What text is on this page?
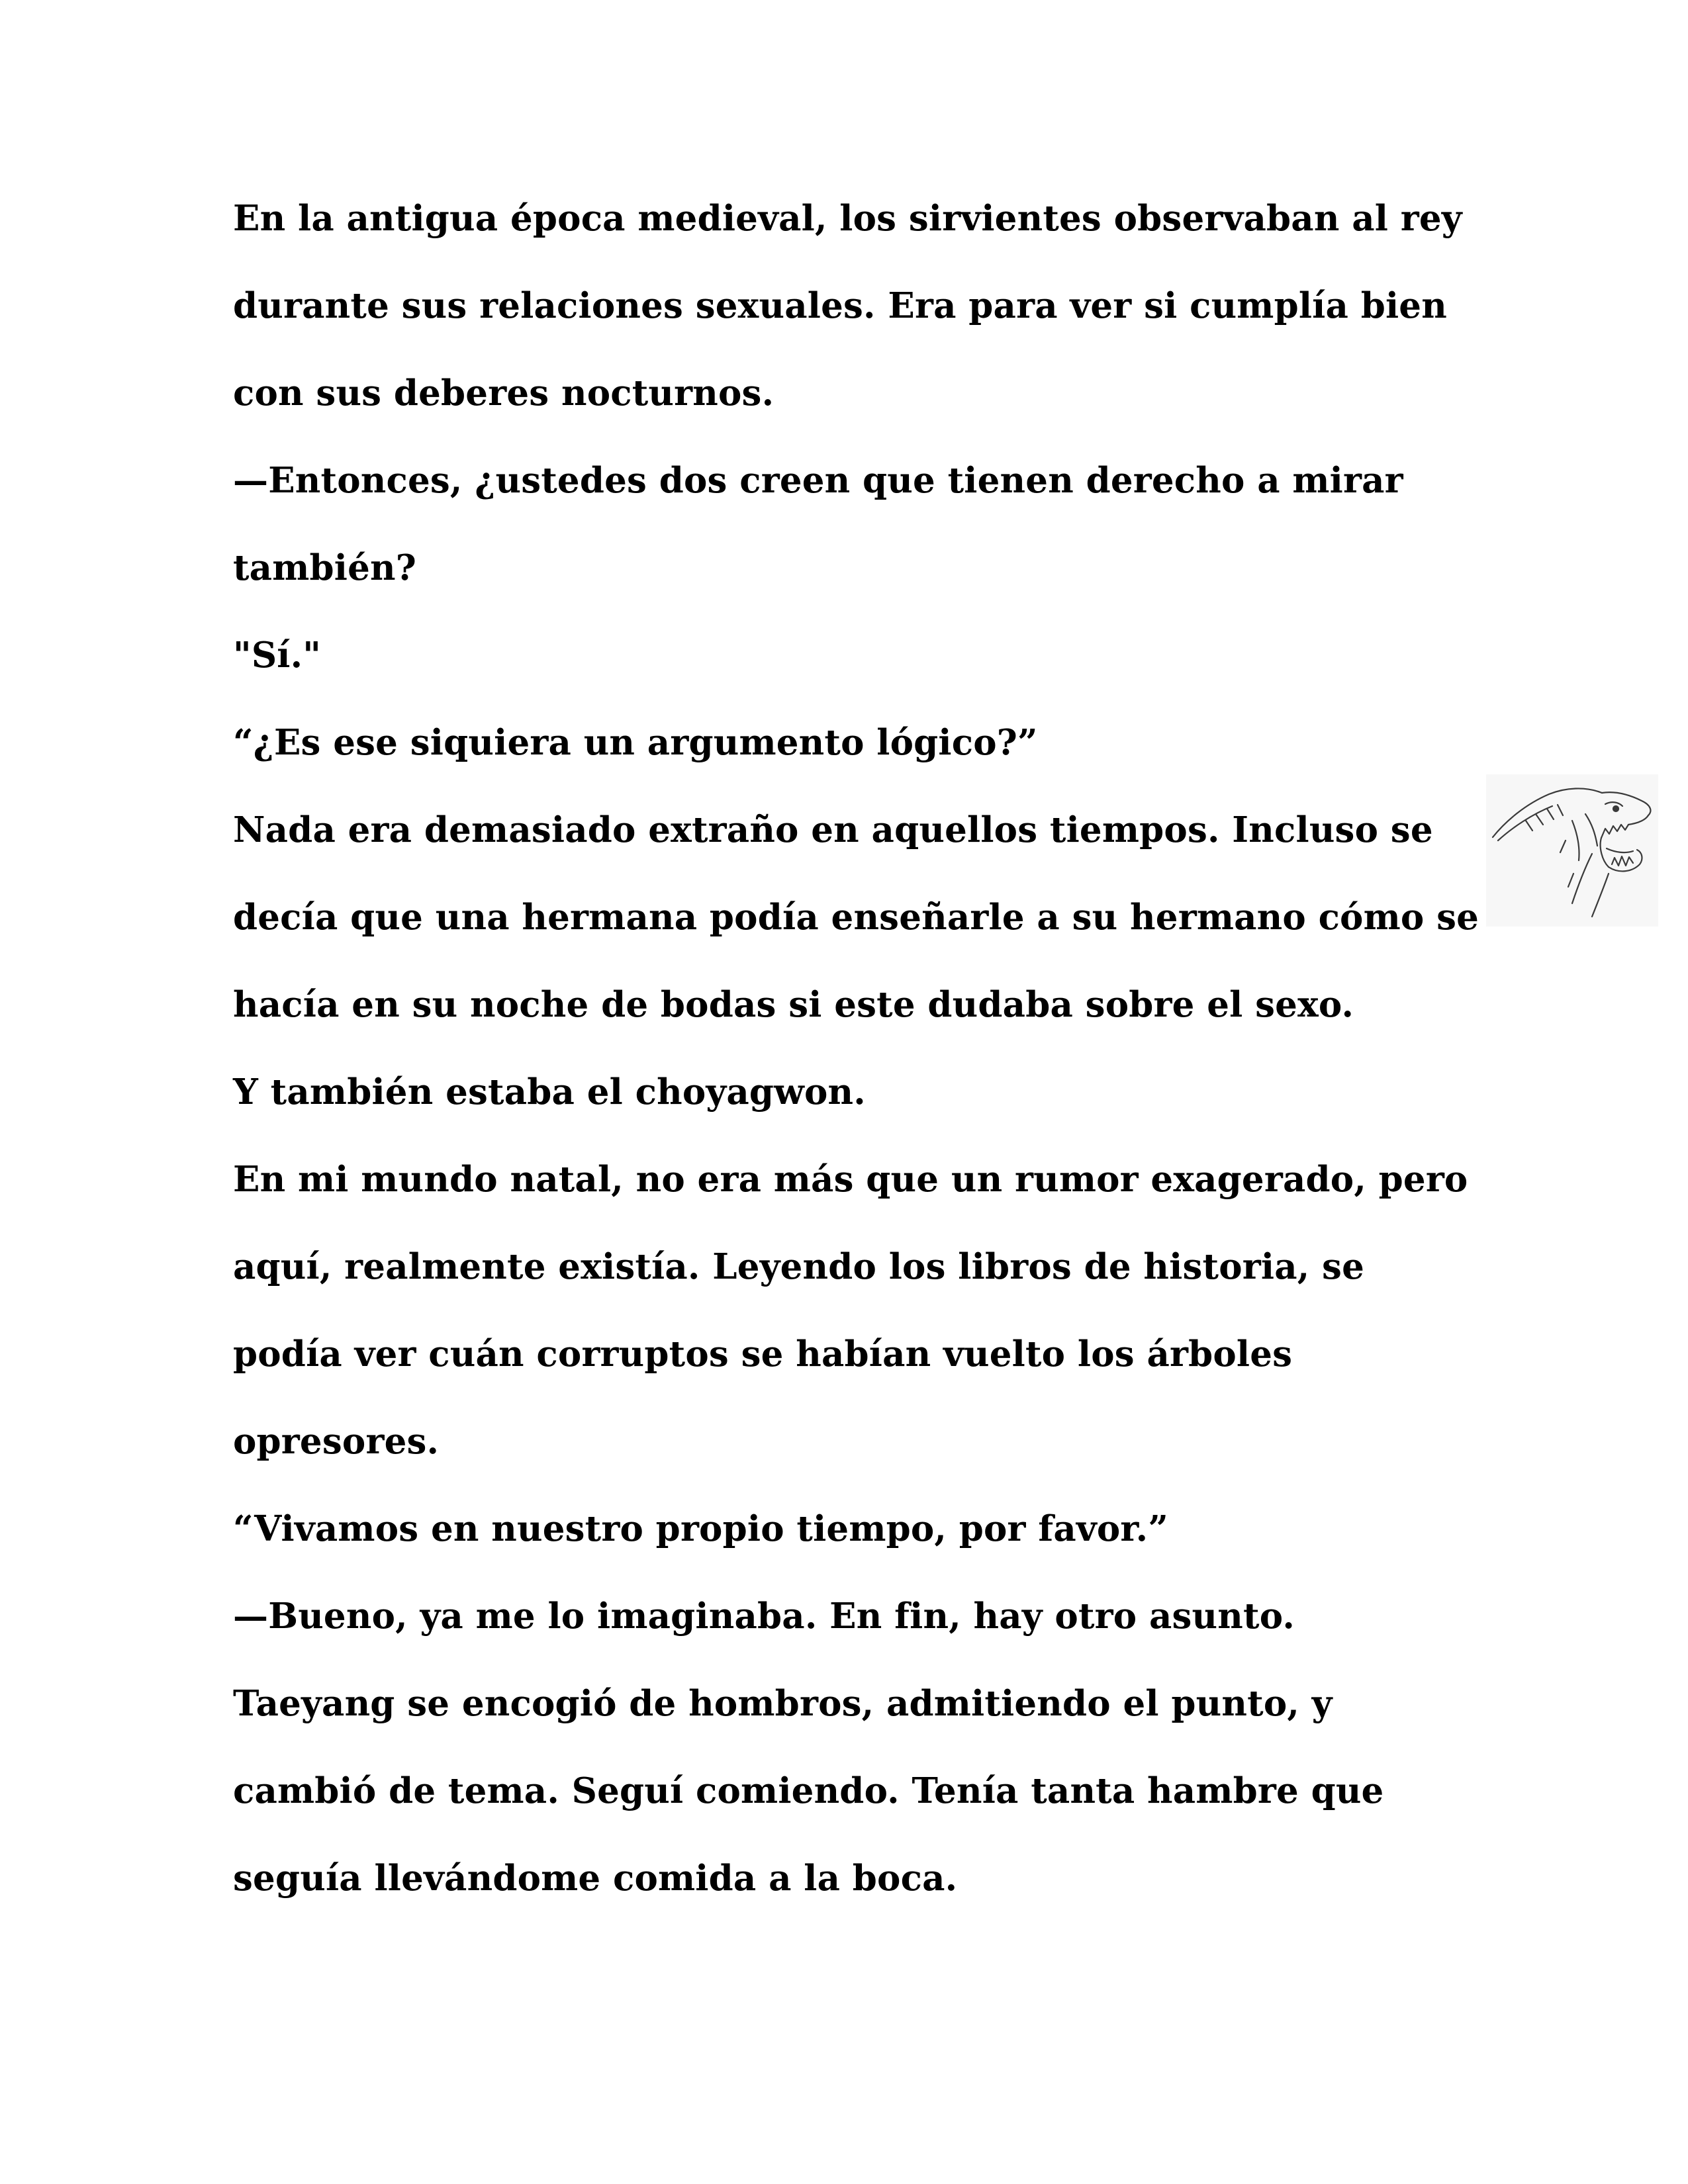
En la antigua época medieval, los sirvientes observaban al rey
durante sus relaciones sexuales. Era para ver si cumplía bien
con sus deberes nocturnos.
—Entonces, ¿ustedes dos creen que tienen derecho a mirar
también?
"Sí."
“¿Es ese siquiera un argumento lógico?”
Nada era demasiado extraño en aquellos tiempos. Incluso se
decía que una hermana podía enseñarle a su hermano cómo se
hacía en su noche de bodas si este dudaba sobre el sexo.
Y también estaba el choyagwon.
En mi mundo natal, no era más que un rumor exagerado, pero
aquí, realmente existía. Leyendo los libros de historia, se
podía ver cuán corruptos se habían vuelto los árboles
opresores.
“Vivamos en nuestro propio tiempo, por favor.”
—Bueno, ya me lo imaginaba. En fin, hay otro asunto.
Taeyang se encogió de hombros, admitiendo el punto, y
cambió de tema. Seguí comiendo. Tenía tanta hambre que
seguía llevándome comida a la boca.
